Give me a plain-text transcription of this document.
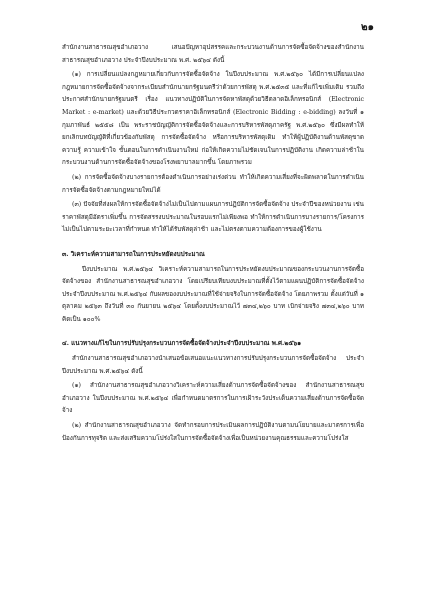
๒๑

สำนักงานสาธารณสุขอำเภอวาง เสนอปัญหาอุปสรรคและกระบวนงานด้านการจัดซื้อจัดจ้างของสำนักงานสาธารณสุขอำเภอวาง ประจำปีงบประมาณ พ.ศ. ๒๕๖๔ ดังนี้

(๑) การเปลี่ยนแปลงกฎหมายเกี่ยวกับการจัดซื้อจัดจ้าง ในปีงบประมาณ พ.ศ.๒๕๖๐ ได้มีการเปลี่ยนแปลงกฎหมายการจัดซื้อจัดจ้างจากระเบียบสำนักนายกรัฐมนตรีว่าด้วยการพัสดุ พ.ศ.๒๕๓๕ และที่แก้ไขเพิ่มเติม รวมถึงประกาศสำนักนายกรัฐมนตรี เรื่อง แนวทางปฏิบัติในการจัดหาพัสดุด้วยวิธีตลาดอิเล็กทรอนิกส์ (Electronic Market : e-market) และด้วยวิธีประกวดราคาอิเล็กทรอนิกส์ (Electronic Bidding : e-bidding) ลงวันที่ ๑ กุมภาพันธ์ ๒๕๕๘ เป็น พระราชบัญญัติการจัดซื้อจัดจ้างและการบริหารพัสดุภาครัฐ พ.ศ.๒๕๖๐ ซึ่งมีผลทำให้ยกเลิกบทบัญญัติที่เกี่ยวข้องกับพัสดุ การจัดซื้อจัดจ้าง หรือการบริหารพัสดุเดิม ทำให้ผู้ปฏิบัติงานด้านพัสดุขาดความรู้ ความเข้าใจ ขั้นตอนในการดำเนินงานใหม่ ก่อให้เกิดความไม่ชัดเจนในการปฏิบัติงาน เกิดความล่าช้าในกระบวนงานด้านการจัดซื้อจัดจ้างของโรงพยาบาลมากขึ้น โดยภาพรวม

(๒) การจัดซื้อจัดจ้างบางรายการต้องดำเนินการอย่างเร่งด่วน ทำให้เกิดความเสี่ยงที่จะผิดพลาดในการดำเนินการจัดซื้อจัดจ้างตามกฎหมายใหม่ได้

(๓) ปัจจัยที่ส่งผลให้การจัดซื้อจัดจ้างไม่เป็นไปตามแผนการปฏิบัติการจัดซื้อจัดจ้าง ประจำปีของหน่วยงาน เช่น ราคาพัสดุมีอัตราเพิ่มขึ้น การจัดสรรงบประมาณในรอบแรกไม่เพียงพอ ทำให้การดำเนินการบางรายการ/โครงการ ไม่เป็นไปตามระยะเวลาที่กำหนด ทำให้ได้รับพัสดุล่าช้า และไม่ตรงตามความต้องการของผู้ใช้งาน

๓. วิเคราะห์ความสามารถในการประหยัดงบประมาณ

ปีงบประมาณ พ.ศ.๒๕๖๔ วิเคราะห์ความสามารถในการประหยัดงบประมาณของกระบวนงานการจัดซื้อจัดจ้างของ สำนักงานสาธารณสุขอำเภอวาง โดยเปรียบเทียบงบประมาณที่ตั้งไว้ตามแผนปฏิบัติการจัดซื้อจัดจ้าง ประจำปีงบประมาณ พ.ศ.๒๕๖๔ กับผลของงบประมาณที่ใช้จ่ายจริงในการจัดซื้อจัดจ้าง โดยภาพรวม ตั้งแต่วันที่ ๑ ตุลาคม ๒๕๖๓ ถึงวันที่ ๓๐ กันยายน ๒๕๖๔ โดยตั้งงบประมาณไว้ ๗๓๔,๒๖๐ บาท เบิกจ่ายจริง ๗๓๔,๒๖๐ บาท คิดเป็น ๑๐๐%

๔. แนวทางแก้ไขในการปรับปรุงกระบวนการจัดซื้อจัดจ้างประจำปีงบประมาณ พ.ศ.๒๕๖๑

สำนักงานสาธารณสุขอำเภอวางนำเสนอข้อเสนอแนะแนวทางการปรับปรุงกระบวนการจัดซื้อจัดจ้าง ประจำปีงบประมาณ พ.ศ.๒๕๖๔ ดังนี้

(๑) สำนักงานสาธารณสุขอำเภอวางวิเคราะห์ความเสี่ยงด้านการจัดซื้อจัดจ้างของ สำนักงานสาธารณสุขอำเภอวาง ในปีงบประมาณ พ.ศ.๒๕๖๔ เพื่อกำหนดมาตรการในการเฝ้าระวังประเด็นความเสี่ยงด้านการจัดซื้อจัดจ้าง

(๒) สำนักงานสาธารณสุขอำเภอวาง จัดทำกรอบการประเมินผลการปฏิบัติงานตามนโยบายและมาตรการเพื่อป้องกันการทุจริต และส่งเสริมความโปร่งใสในการจัดซื้อจัดจ้างเพื่อเป็นหน่วยงานคุณธรรมและความโปร่งใส
